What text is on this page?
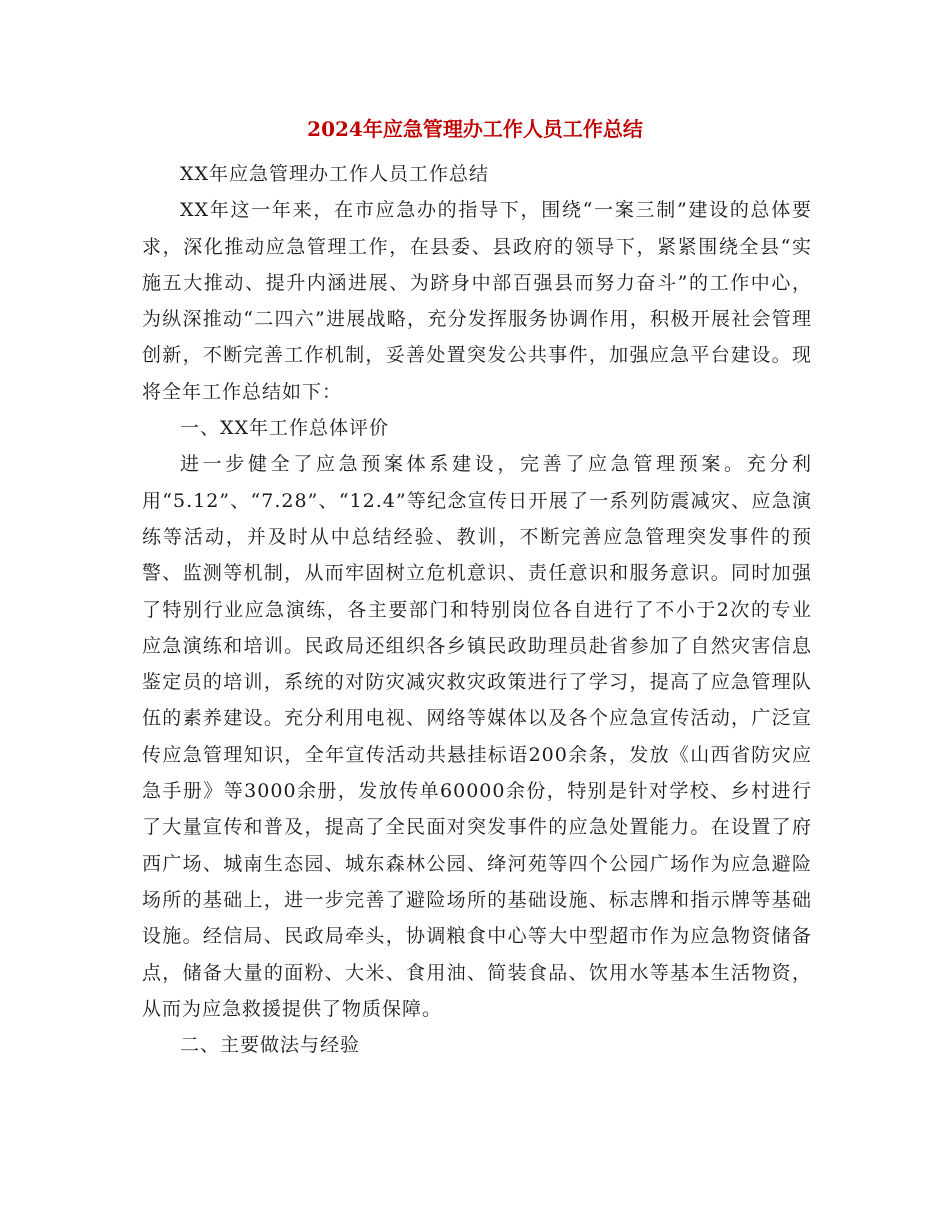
2024年应急管理办工作人员工作总结

XX年应急管理办工作人员工作总结

XX年这一年来，在市应急办的指导下，围绕“一案三制”建设的总体要求，深化推动应急管理工作，在县委、县政府的领导下，紧紧围绕全县“实施五大推动、提升内涵进展、为跻身中部百强县而努力奋斗”的工作中心，为纵深推动“二四六”进展战略，充分发挥服务协调作用，积极开展社会管理创新，不断完善工作机制，妥善处置突发公共事件，加强应急平台建设。现将全年工作总结如下：

一、XX年工作总体评价

进一步健全了应急预案体系建设，完善了应急管理预案。充分利用“5.12”、“7.28”、“12.4”等纪念宣传日开展了一系列防震减灾、应急演练等活动，并及时从中总结经验、教训，不断完善应急管理突发事件的预警、监测等机制，从而牢固树立危机意识、责任意识和服务意识。同时加强了特别行业应急演练，各主要部门和特别岗位各自进行了不小于2次的专业应急演练和培训。民政局还组织各乡镇民政助理员赴省参加了自然灾害信息鉴定员的培训，系统的对防灾减灾救灾政策进行了学习，提高了应急管理队伍的素养建设。充分利用电视、网络等媒体以及各个应急宣传活动，广泛宣传应急管理知识，全年宣传活动共悬挂标语200余条，发放《山西省防灾应急手册》等3000余册，发放传单60000余份，特别是针对学校、乡村进行了大量宣传和普及，提高了全民面对突发事件的应急处置能力。在设置了府西广场、城南生态园、城东森林公园、绛河苑等四个公园广场作为应急避险场所的基础上，进一步完善了避险场所的基础设施、标志牌和指示牌等基础设施。经信局、民政局牵头，协调粮食中心等大中型超市作为应急物资储备点，储备大量的面粉、大米、食用油、简装食品、饮用水等基本生活物资，从而为应急救援提供了物质保障。

二、主要做法与经验
